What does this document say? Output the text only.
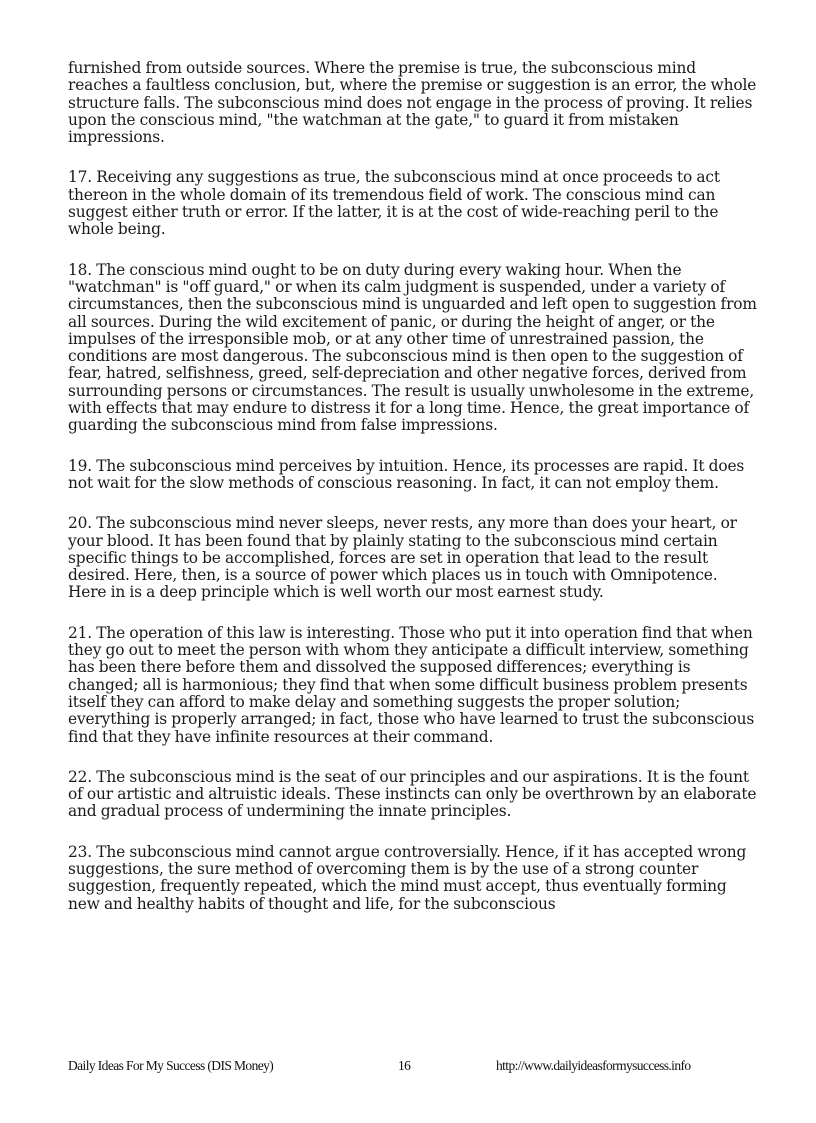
furnished from outside sources. Where the premise is true, the subconscious mind reaches a faultless conclusion, but, where the premise or suggestion is an error, the whole structure falls. The subconscious mind does not engage in the process of proving. It relies upon the conscious mind, "the watchman at the gate," to guard it from mistaken impressions.

17. Receiving any suggestions as true, the subconscious mind at once proceeds to act thereon in the whole domain of its tremendous field of work. The conscious mind can suggest either truth or error. If the latter, it is at the cost of wide-reaching peril to the whole being.

18. The conscious mind ought to be on duty during every waking hour. When the "watchman" is "off guard," or when its calm judgment is suspended, under a variety of circumstances, then the subconscious mind is unguarded and left open to suggestion from all sources. During the wild excitement of panic, or during the height of anger, or the impulses of the irresponsible mob, or at any other time of unrestrained passion, the conditions are most dangerous. The subconscious mind is then open to the suggestion of fear, hatred, selfishness, greed, self-depreciation and other negative forces, derived from surrounding persons or circumstances. The result is usually unwholesome in the extreme, with effects that may endure to distress it for a long time. Hence, the great importance of guarding the subconscious mind from false impressions.

19. The subconscious mind perceives by intuition. Hence, its processes are rapid. It does not wait for the slow methods of conscious reasoning. In fact, it can not employ them.

20. The subconscious mind never sleeps, never rests, any more than does your heart, or your blood. It has been found that by plainly stating to the subconscious mind certain specific things to be accomplished, forces are set in operation that lead to the result desired. Here, then, is a source of power which places us in touch with Omnipotence. Here in is a deep principle which is well worth our most earnest study.

21. The operation of this law is interesting. Those who put it into operation find that when they go out to meet the person with whom they anticipate a difficult interview, something has been there before them and dissolved the supposed differences; everything is changed; all is harmonious; they find that when some difficult business problem presents itself they can afford to make delay and something suggests the proper solution; everything is properly arranged; in fact, those who have learned to trust the subconscious find that they have infinite resources at their command.

22. The subconscious mind is the seat of our principles and our aspirations. It is the fount of our artistic and altruistic ideals. These instincts can only be overthrown by an elaborate and gradual process of undermining the innate principles.

23. The subconscious mind cannot argue controversially. Hence, if it has accepted wrong suggestions, the sure method of overcoming them is by the use of a strong counter suggestion, frequently repeated, which the mind must accept, thus eventually forming new and healthy habits of thought and life, for the subconscious

Daily Ideas For My Success (DIS Money)	16	http://www.dailyideasformysuccess.info
